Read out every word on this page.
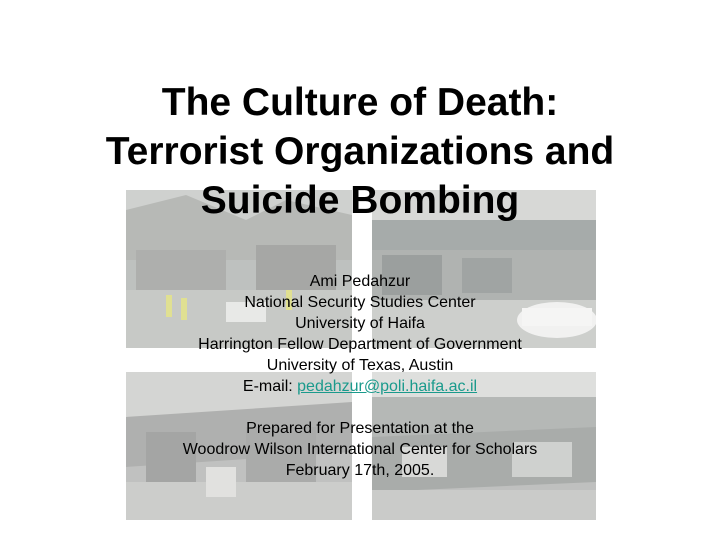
The Culture of Death:
Terrorist Organizations and
Suicide Bombing
Ami Pedahzur
National Security Studies Center
University of Haifa
Harrington Fellow Department of Government
University of Texas, Austin
E-mail: pedahzur@poli.haifa.ac.il
Prepared for Presentation at the
Woodrow Wilson International Center for Scholars
February 17th, 2005.
